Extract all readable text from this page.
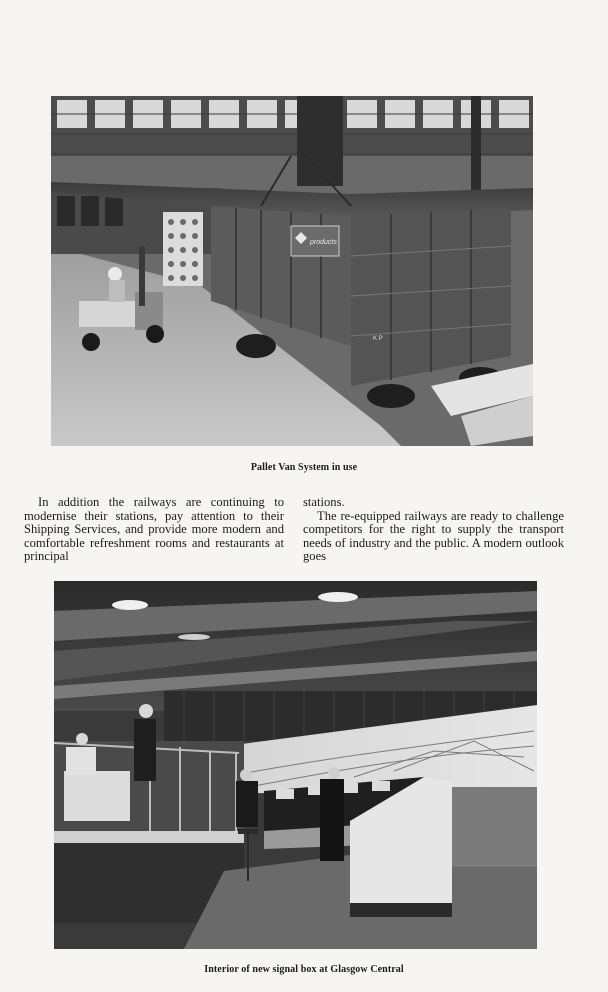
products
K P
Pallet Van System in use

In addition the railways are continuing to modernise their stations, pay attention to their Shipping Services, and provide more modern and comfortable refreshment rooms and restaurants at principal

stations.

The re-equipped railways are ready to challenge competitors for the right to supply the transport needs of industry and the public. A modern outlook goes

Interior of new signal box at Glasgow Central
